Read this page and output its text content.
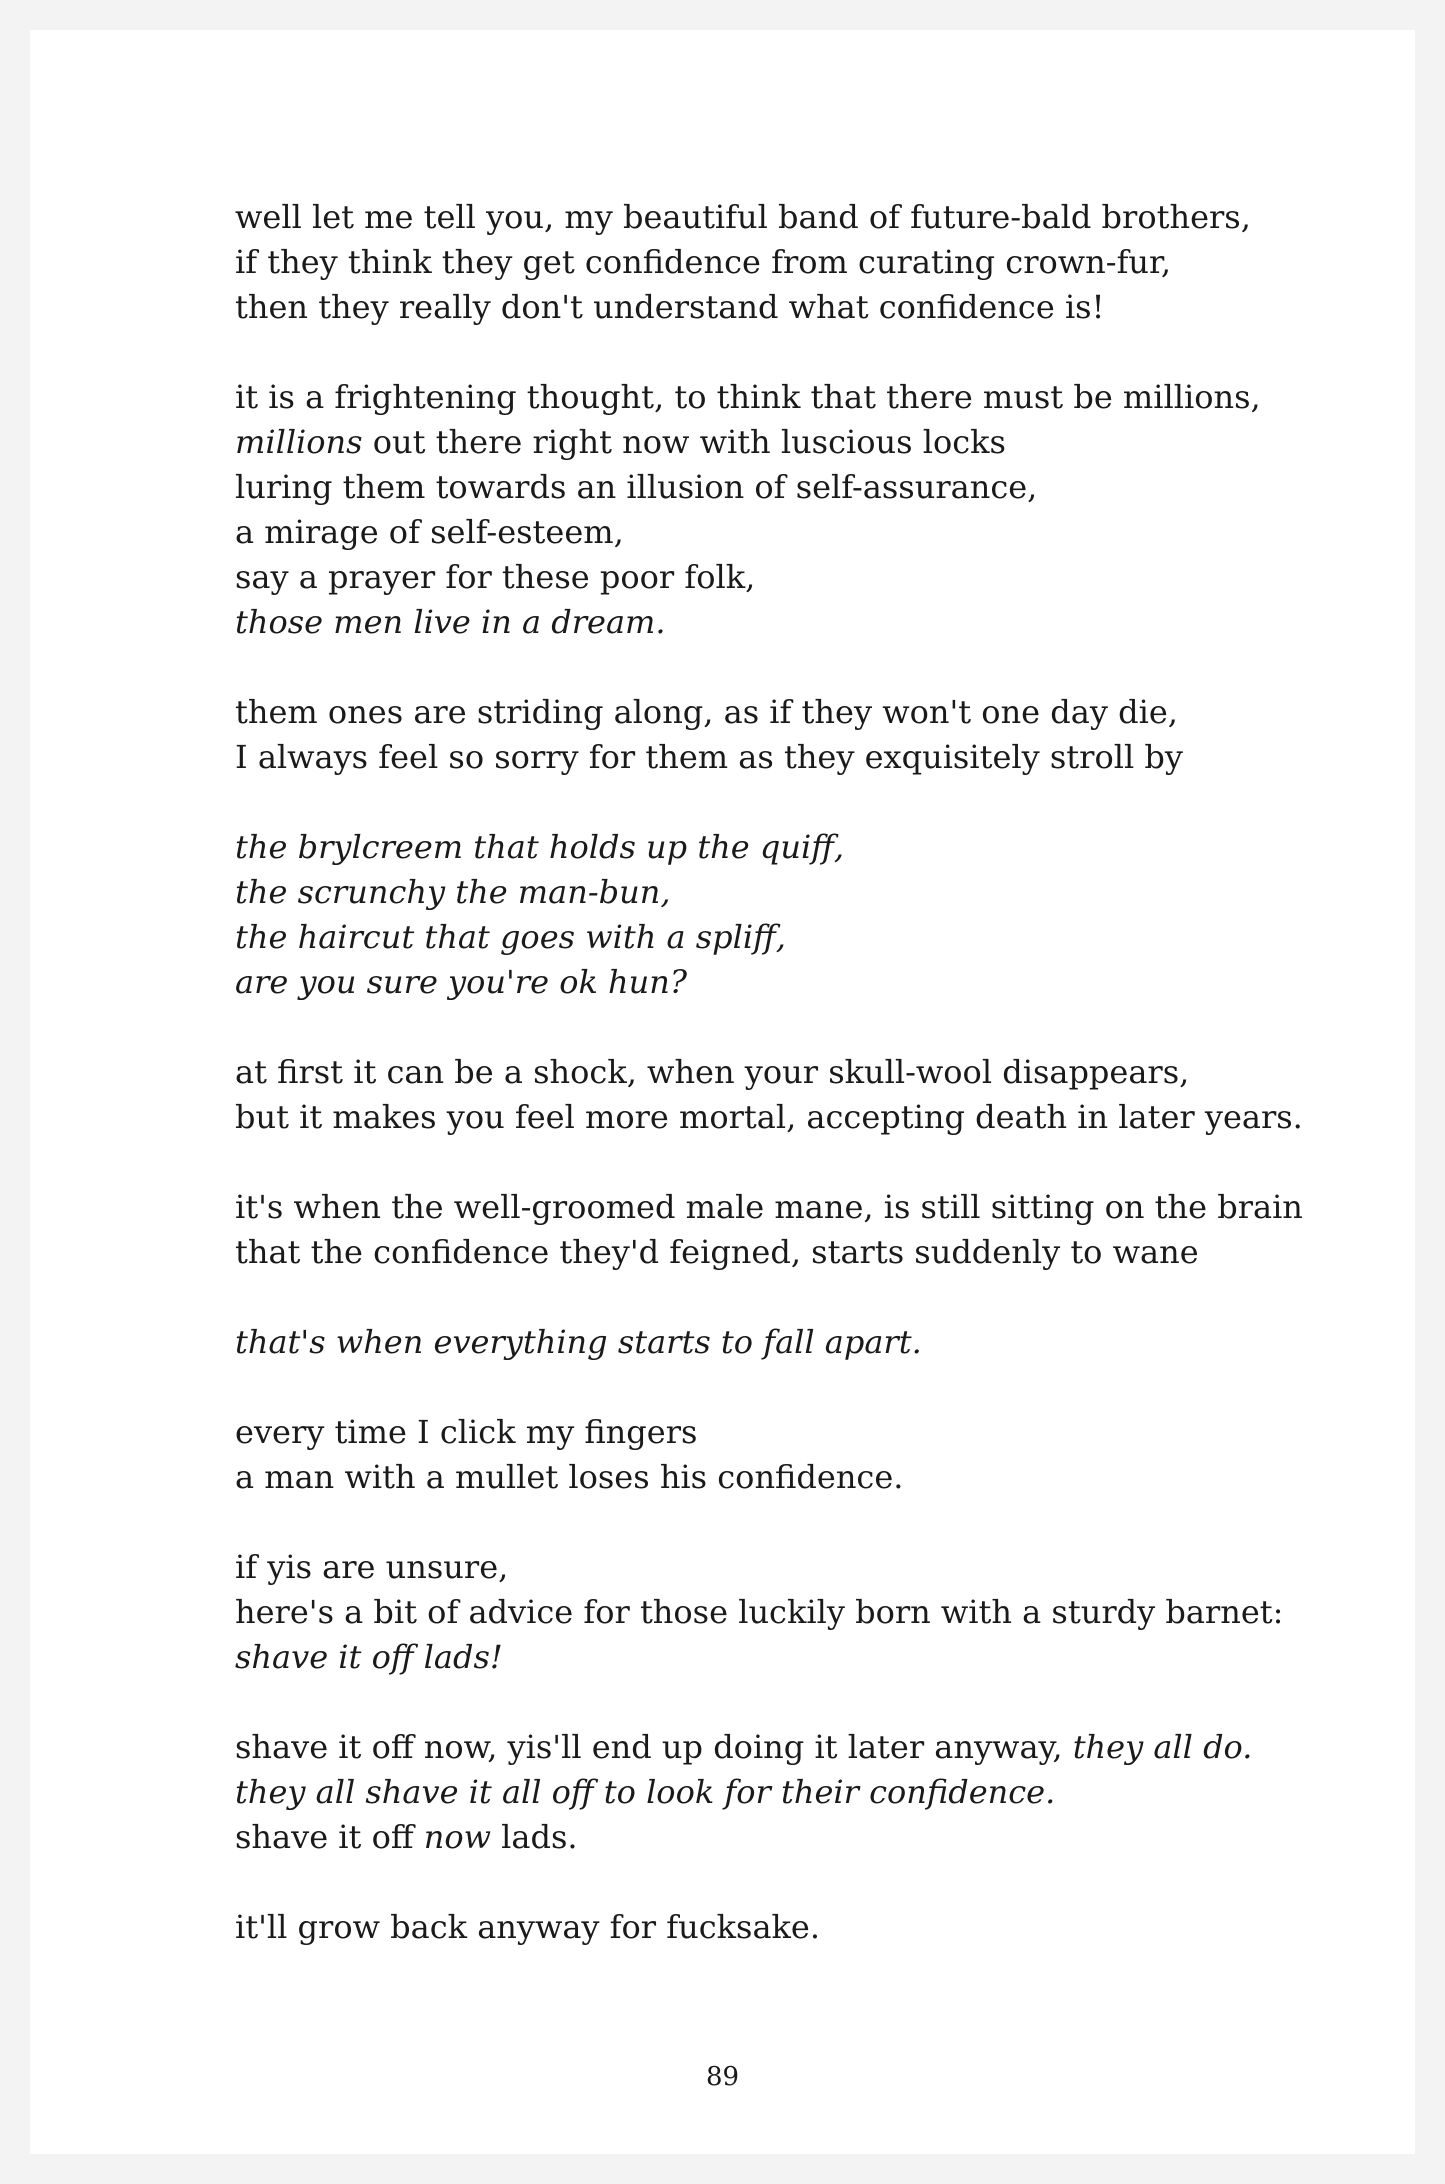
well let me tell you, my beautiful band of future-bald brothers,
if they think they get confidence from curating crown-fur,
then they really don't understand what confidence is!
it is a frightening thought, to think that there must be millions,
millions out there right now with luscious locks
luring them towards an illusion of self-assurance,
a mirage of self-esteem,
say a prayer for these poor folk,
those men live in a dream.
them ones are striding along, as if they won't one day die,
I always feel so sorry for them as they exquisitely stroll by
the brylcreem that holds up the quiff,
the scrunchy the man-bun,
the haircut that goes with a spliff,
are you sure you're ok hun?
at first it can be a shock, when your skull-wool disappears,
but it makes you feel more mortal, accepting death in later years.
it's when the well-groomed male mane, is still sitting on the brain
that the confidence they'd feigned, starts suddenly to wane
that's when everything starts to fall apart.
every time I click my fingers
a man with a mullet loses his confidence.
if yis are unsure,
here's a bit of advice for those luckily born with a sturdy barnet:
shave it off lads!
shave it off now, yis'll end up doing it later anyway, they all do.
they all shave it all off to look for their confidence.
shave it off now lads.
it'll grow back anyway for fucksake.
89
